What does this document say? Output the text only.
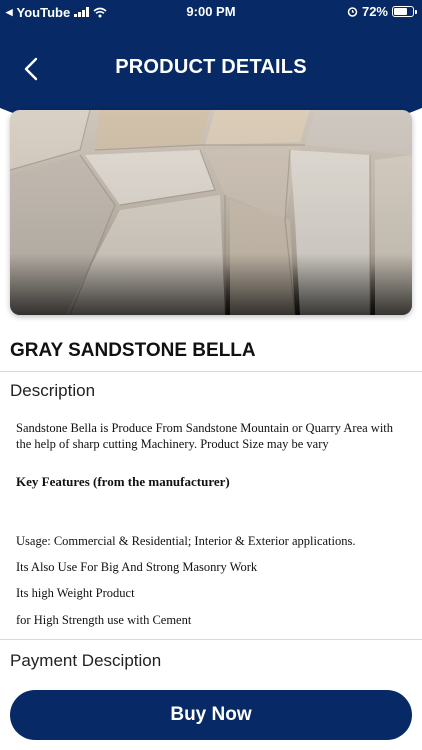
◂ YouTube	9:00 PM	72%
PRODUCT DETAILS
GRAY SANDSTONE BELLA
Description
Sandstone Bella is Produce From Sandstone Mountain or Quarry Area with the help of sharp cutting Machinery. Product Size may be vary
Key Features (from the manufacturer)
Usage: Commercial & Residential; Interior & Exterior applications.
Its Also Use For Big And Strong Masonry Work
Its high Weight Product
for High Strength use with Cement
Payment Desciption
Buy Now
